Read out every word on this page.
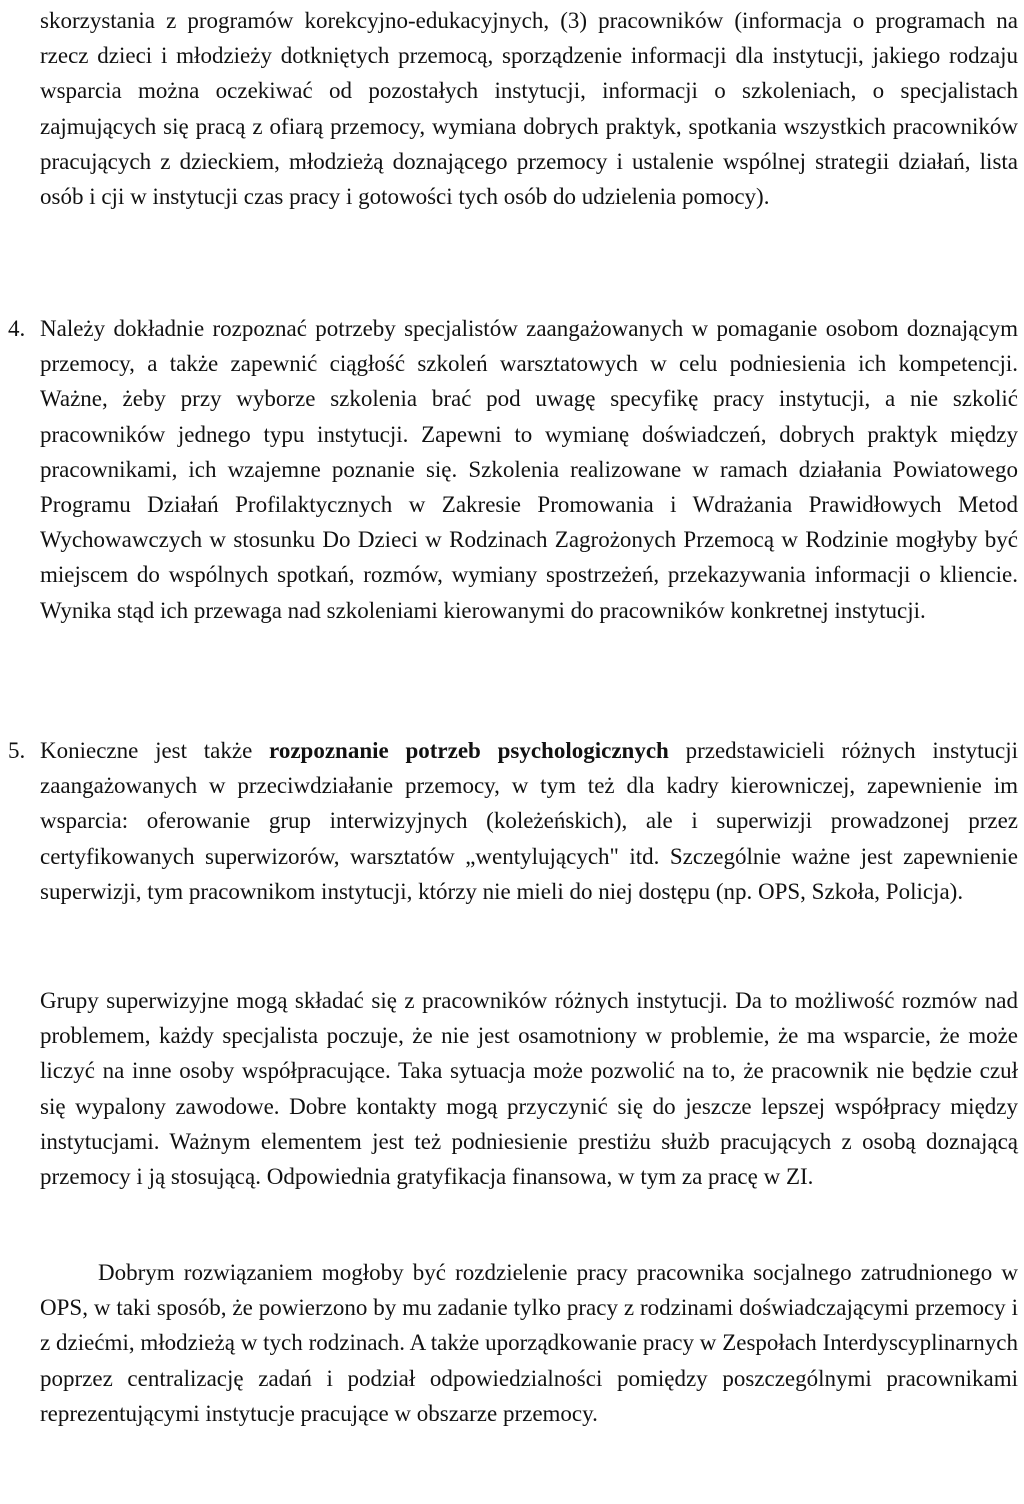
skorzystania z programów korekcyjno-edukacyjnych, (3) pracowników (informacja o programach na rzecz dzieci i młodzieży dotkniętych przemocą, sporządzenie informacji dla instytucji, jakiego rodzaju wsparcia można oczekiwać od pozostałych instytucji, informacji o szkoleniach, o specjalistach zajmujących się pracą z ofiarą przemocy, wymiana dobrych praktyk, spotkania wszystkich pracowników pracujących z dzieckiem, młodzieżą doznającego przemocy i ustalenie wspólnej strategii działań, lista osób i cji w instytucji czas pracy i gotowości tych osób do udzielenia pomocy).
4. Należy dokładnie rozpoznać potrzeby specjalistów zaangażowanych w pomaganie osobom doznającym przemocy, a także zapewnić ciągłość szkoleń warsztatowych w celu podniesienia ich kompetencji. Ważne, żeby przy wyborze szkolenia brać pod uwagę specyfikę pracy instytucji, a nie szkolić pracowników jednego typu instytucji. Zapewni to wymianę doświadczeń, dobrych praktyk między pracownikami, ich wzajemne poznanie się. Szkolenia realizowane w ramach działania Powiatowego Programu Działań Profilaktycznych w Zakresie Promowania i Wdrażania Prawidłowych Metod Wychowawczych w stosunku Do Dzieci w Rodzinach Zagrożonych Przemocą w Rodzinie mogłyby być miejscem do wspólnych spotkań, rozmów, wymiany spostrzeżeń, przekazywania informacji o kliencie. Wynika stąd ich przewaga nad szkoleniami kierowanymi do pracowników konkretnej instytucji.
5. Konieczne jest także rozpoznanie potrzeb psychologicznych przedstawicieli różnych instytucji zaangażowanych w przeciwdziałanie przemocy, w tym też dla kadry kierowniczej, zapewnienie im wsparcia: oferowanie grup interwizyjnych (koleżeńskich), ale i superwizji prowadzonej przez certyfikowanych superwizorów, warsztatów „wentylujących" itd. Szczególnie ważne jest zapewnienie superwizji, tym pracownikom instytucji, którzy nie mieli do niej dostępu (np. OPS, Szkoła, Policja).
Grupy superwizyjne mogą składać się z pracowników różnych instytucji. Da to możliwość rozmów nad problemem, każdy specjalista poczuje, że nie jest osamotniony w problemie, że ma wsparcie, że może liczyć na inne osoby współpracujące. Taka sytuacja może pozwolić na to, że pracownik nie będzie czuł się wypalony zawodowe. Dobre kontakty mogą przyczynić się do jeszcze lepszej współpracy między instytucjami. Ważnym elementem jest też podniesienie prestiżu służb pracujących z osobą doznającą przemocy i ją stosującą. Odpowiednia gratyfikacja finansowa, w tym za pracę w ZI.
Dobrym rozwiązaniem mogłoby być rozdzielenie pracy pracownika socjalnego zatrudnionego w OPS, w taki sposób, że powierzono by mu zadanie tylko pracy z rodzinami doświadczającymi przemocy i z dziećmi, młodzieżą w tych rodzinach. A także uporządkowanie pracy w Zespołach Interdyscyplinarnych poprzez centralizację zadań i podział odpowiedzialności pomiędzy poszczególnymi pracownikami reprezentującymi instytucje pracujące w obszarze przemocy.
